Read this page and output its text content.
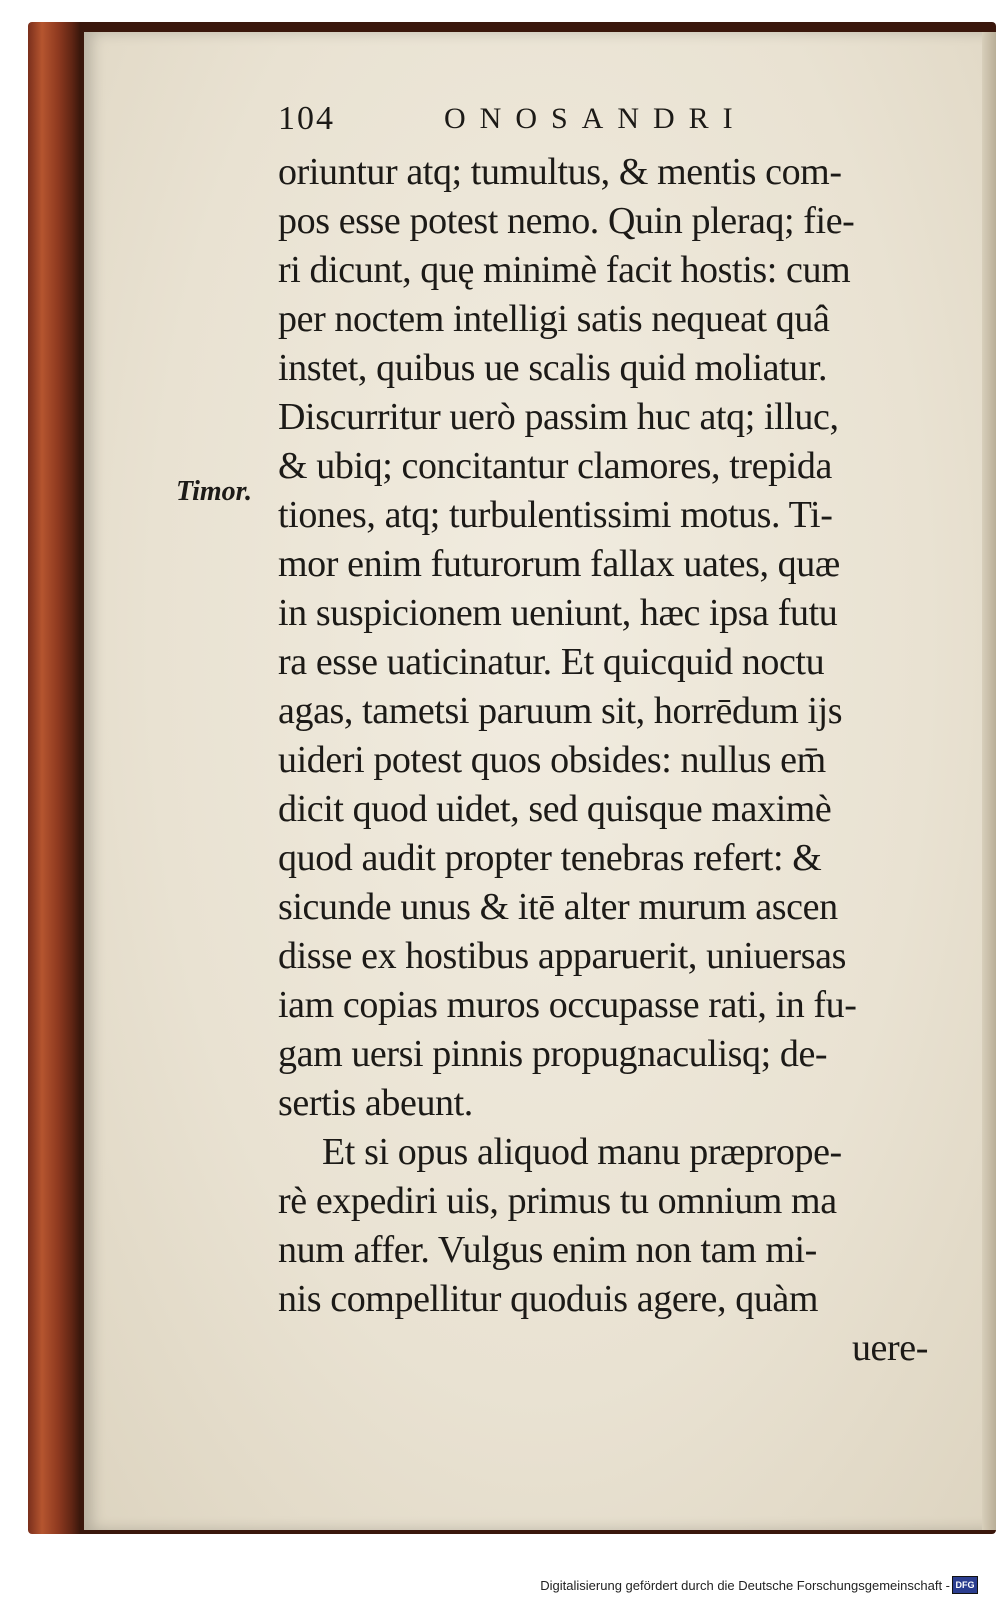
104	ONOSANDRI
Timor.
oriuntur atq; tumultus, & mentis com-
pos esse potest nemo. Quin pleraq; fie-
ri dicunt, quę minimè facit hostis: cum
per noctem intelligi satis nequeat quâ
instet, quibus ue scalis quid moliatur.
Discurritur uerò passim huc atq; illuc,
& ubiq; concitantur clamores, trepida
tiones, atq; turbulentissimi motus. Ti-
mor enim futurorum fallax uates, quæ
in suspicionem ueniunt, hæc ipsa futu
ra esse uaticinatur. Et quicquid noctu
agas, tametsi paruum sit, horrēdum ijs
uideri potest quos obsides: nullus em̄
dicit quod uidet, sed quisque maximè
quod audit propter tenebras refert: &
sicunde unus & itē alter murum ascen
disse ex hostibus apparuerit, uniuersas
iam copias muros occupasse rati, in fu-
gam uersi pinnis propugnaculisq; de-
sertis abeunt.
Et si opus aliquod manu præprope-
rè expediri uis, primus tu omnium ma
num affer. Vulgus enim non tam mi-
nis compellitur quoduis agere, quàm
uere-
Digitalisierung gefördert durch die Deutsche Forschungsgemeinschaft - DFG
